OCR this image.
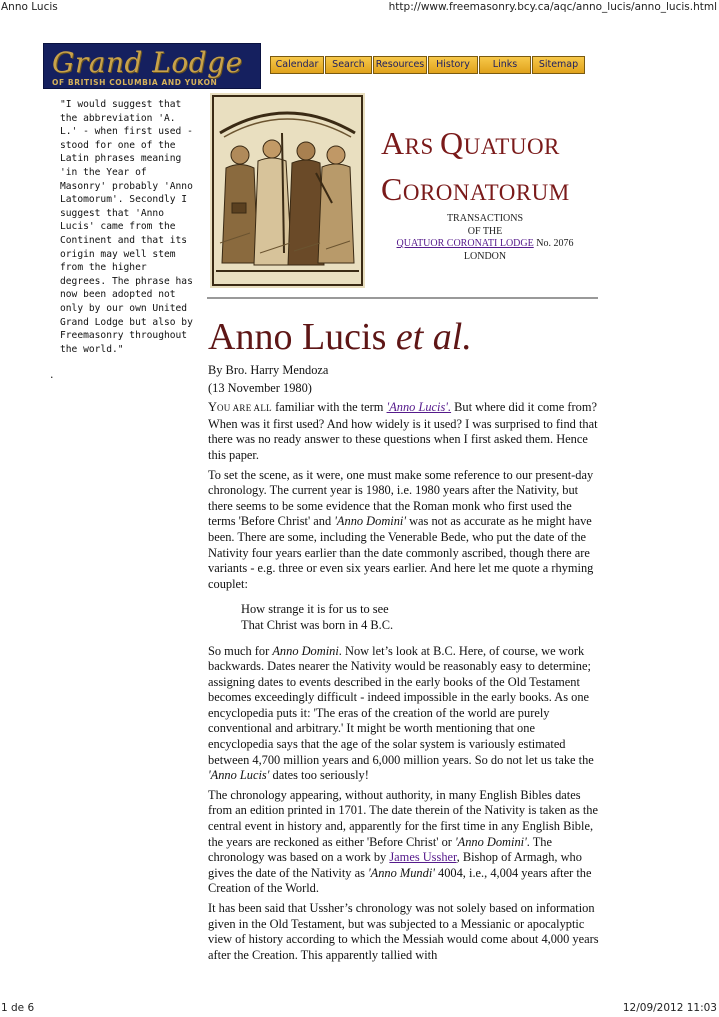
Anno Lucis	http://www.freemasonry.bcy.ca/aqc/anno_lucis/anno_lucis.html
Grand Lodge
OF BRITISH COLUMBIA AND YUKON
Calendar	Search	Resources	History	Links	Sitemap
"I would suggest that the abbreviation 'A. L.' - when first used - stood for one of the Latin phrases meaning 'in the Year of Masonry' probably 'Anno Latomorum'. Secondly I suggest that 'Anno Lucis' came from the Continent and that its origin may well stem from the higher degrees. The phrase has now been adopted not only by our own United Grand Lodge but also by Freemasonry throughout the world."
.
ARS QUATUOR
CORONATORUM
TRANSACTIONS
OF THE
QUATUOR CORONATI LODGE No. 2076
LONDON
Anno Lucis et al.

By Bro. Harry Mendoza

(13 November 1980)

YOU ARE ALL familiar with the term 'Anno Lucis'. But where did it come from? When was it first used? And how widely is it used? I was surprised to find that there was no ready answer to these questions when I first asked them. Hence this paper.

To set the scene, as it were, one must make some reference to our present-day chronology. The current year is 1980, i.e. 1980 years after the Nativity, but there seems to be some evidence that the Roman monk who first used the terms 'Before Christ' and 'Anno Domini' was not as accurate as he might have been. There are some, including the Venerable Bede, who put the date of the Nativity four years earlier than the date commonly ascribed, though there are variants - e.g. three or even six years earlier. And here let me quote a rhyming couplet:

How strange it is for us to see
That Christ was born in 4 B.C.

So much for Anno Domini. Now let’s look at B.C. Here, of course, we work backwards. Dates nearer the Nativity would be reasonably easy to determine; assigning dates to events described in the early books of the Old Testament becomes exceedingly difficult - indeed impossible in the early books. As one encyclopedia puts it: 'The eras of the creation of the world are purely conventional and arbitrary.' It might be worth mentioning that one encyclopedia says that the age of the solar system is variously estimated between 4,700 million years and 6,000 million years. So do not let us take the 'Anno Lucis' dates too seriously!

The chronology appearing, without authority, in many English Bibles dates from an edition printed in 1701. The date therein of the Nativity is taken as the central event in history and, apparently for the first time in any English Bible, the years are reckoned as either 'Before Christ' or 'Anno Domini'. The chronology was based on a work by James Ussher, Bishop of Armagh, who gives the date of the Nativity as 'Anno Mundi' 4004, i.e., 4,004 years after the Creation of the World.

It has been said that Ussher’s chronology was not solely based on information given in the Old Testament, but was subjected to a Messianic or apocalyptic view of history according to which the Messiah would come about 4,000 years after the Creation. This apparently tallied with

1 de 6	12/09/2012 11:03
